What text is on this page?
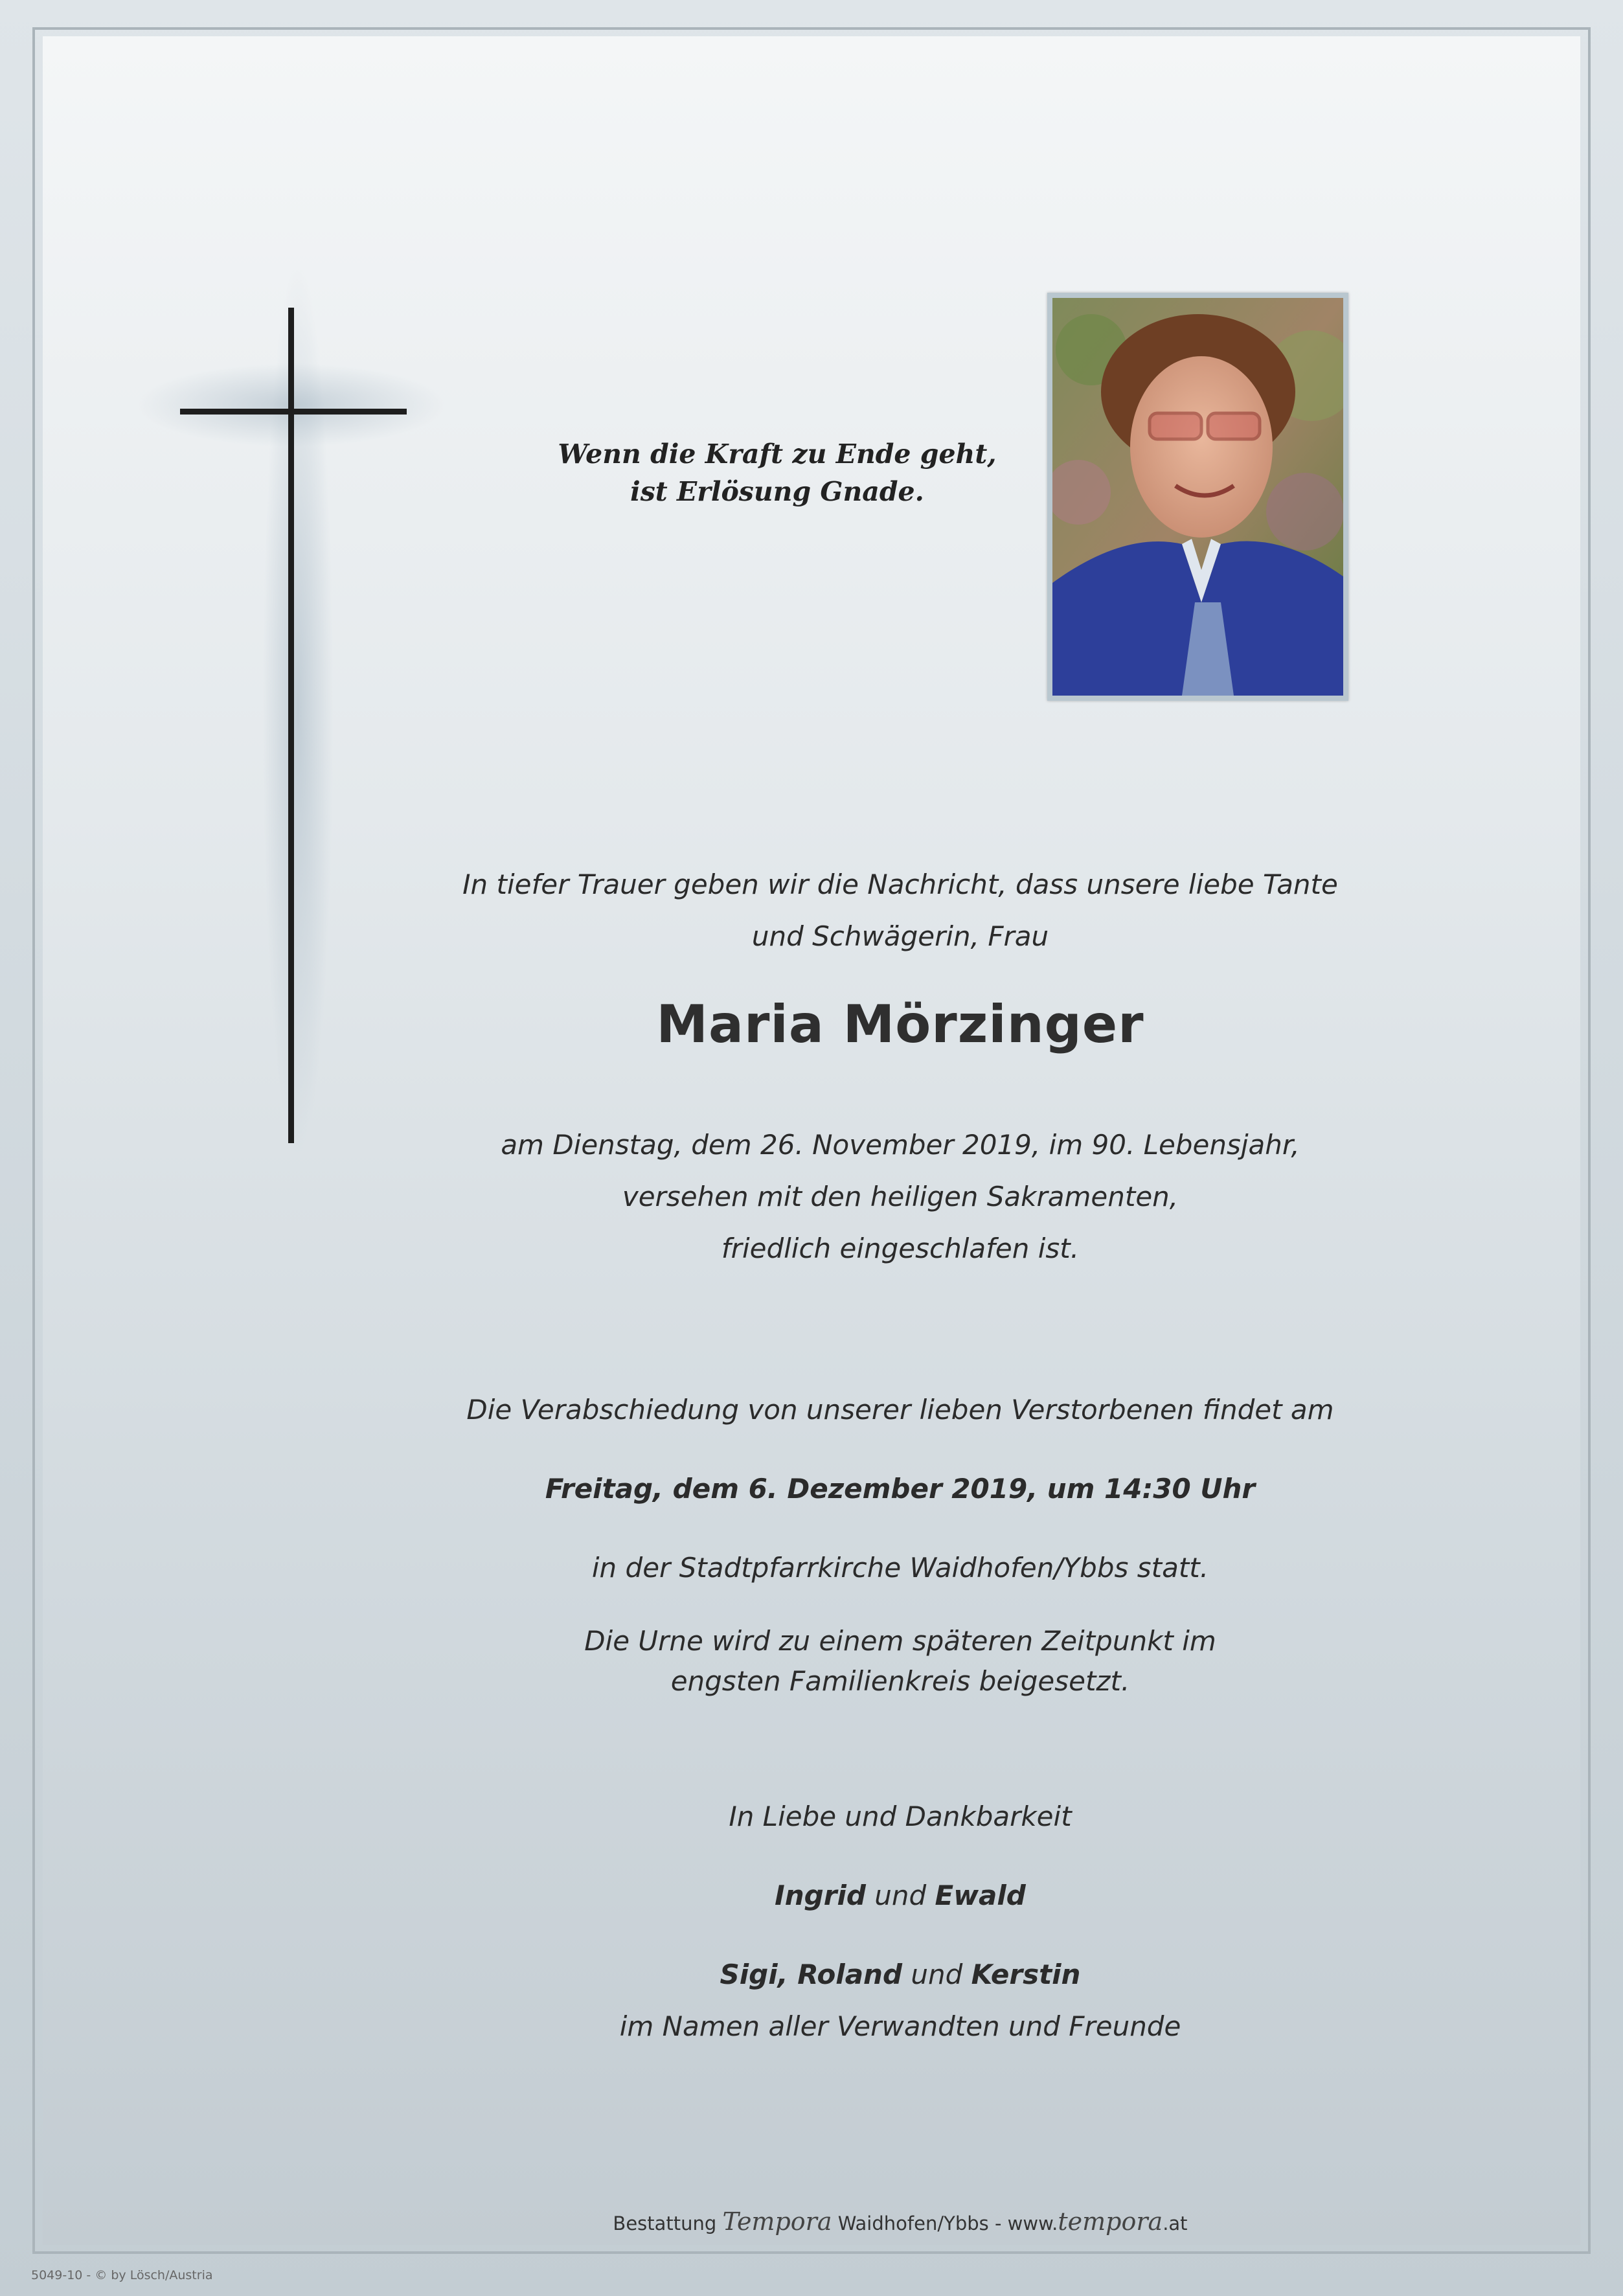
Wenn die Kraft zu Ende geht,
ist Erlösung Gnade.
In tiefer Trauer geben wir die Nachricht, dass unsere liebe Tante
und Schwägerin, Frau
Maria Mörzinger
am Dienstag, dem 26. November 2019, im 90. Lebensjahr,
versehen mit den heiligen Sakramenten,
friedlich eingeschlafen ist.
Die Verabschiedung von unserer lieben Verstorbenen findet am
Freitag, dem 6. Dezember 2019, um 14:30 Uhr
in der Stadtpfarrkirche Waidhofen/Ybbs statt.
Die Urne wird zu einem späteren Zeitpunkt im
engsten Familienkreis beigesetzt.
In Liebe und Dankbarkeit
Ingrid und Ewald
Sigi, Roland und Kerstin
im Namen aller Verwandten und Freunde
Bestattung Tempora Waidhofen/Ybbs - www.tempora.at
5049-10 - © by Lösch/Austria
